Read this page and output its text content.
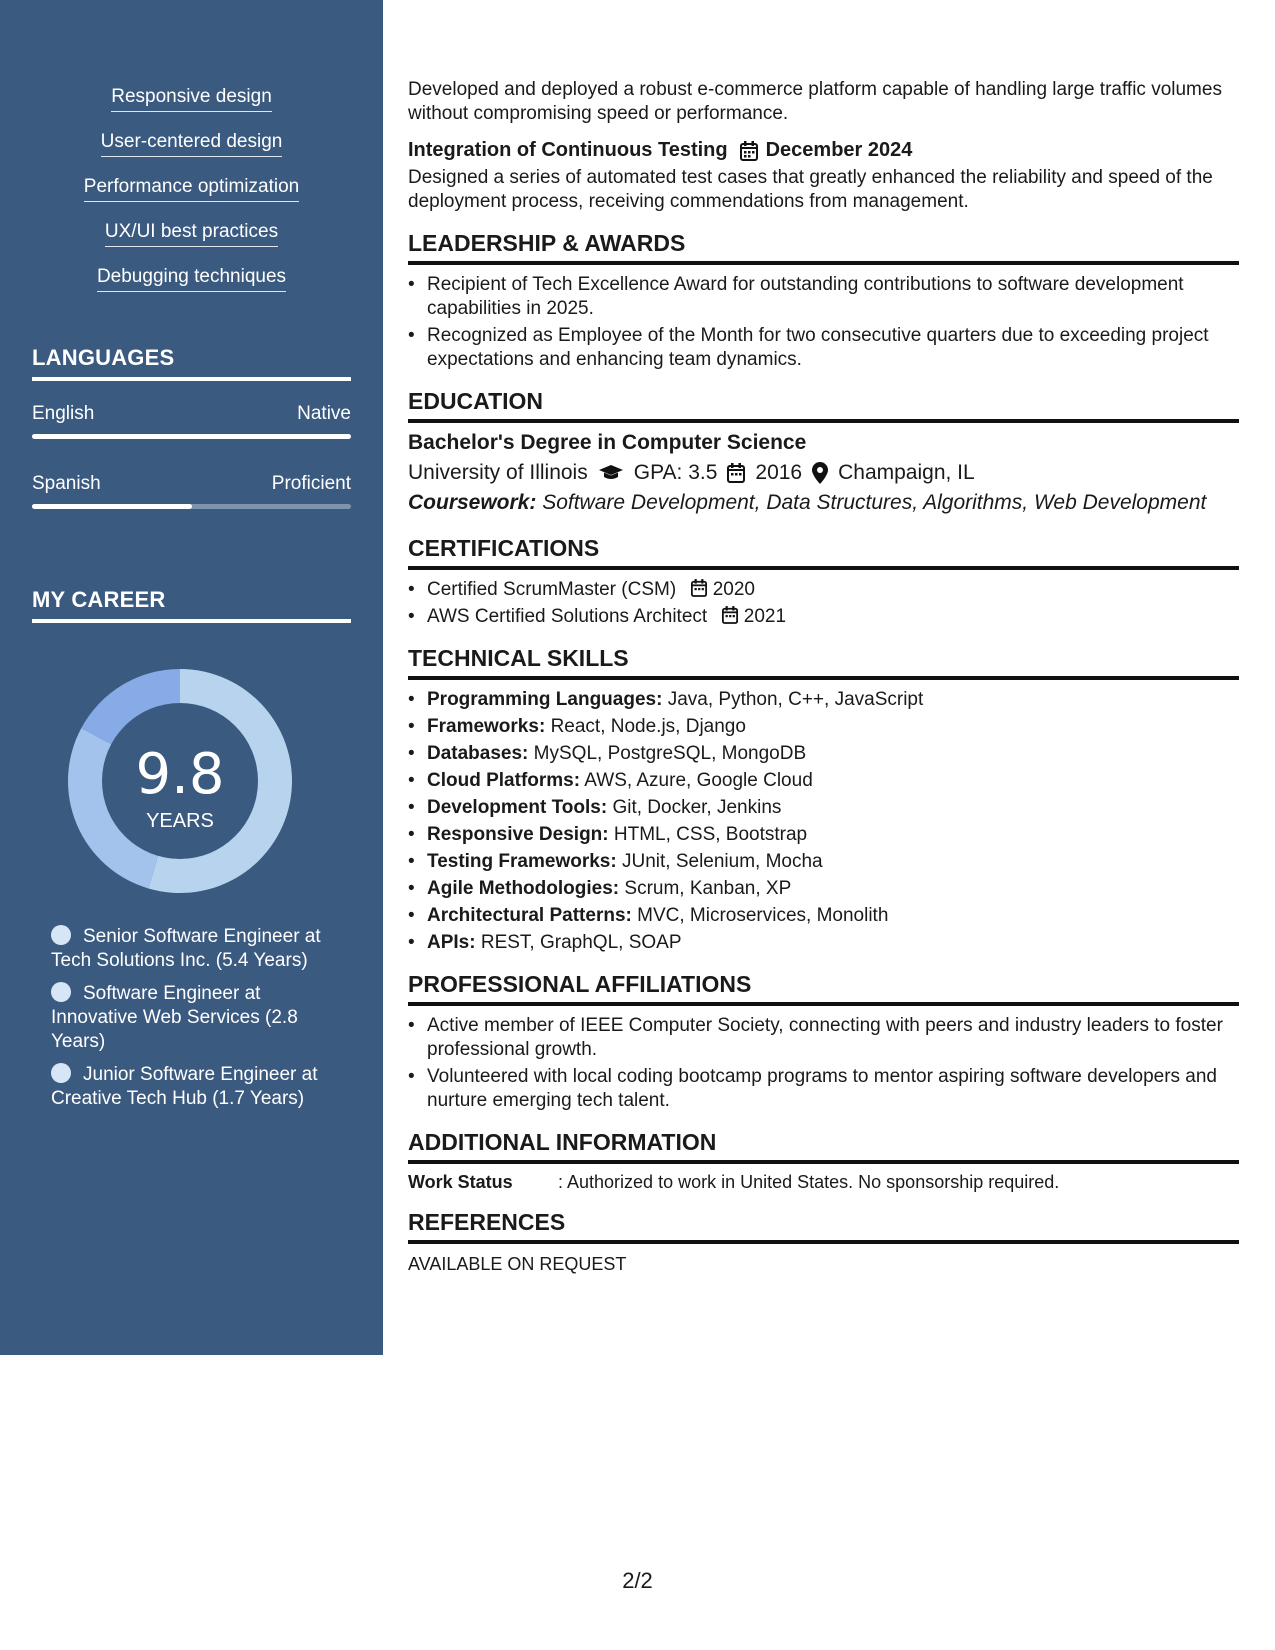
Responsive design
User-centered design
Performance optimization
UX/UI best practices
Debugging techniques
LANGUAGES
English	Native
Spanish	Proficient
MY CAREER
9.8
YEARS
Senior Software Engineer at Tech Solutions Inc. (5.4 Years)
Software Engineer at Innovative Web Services (2.8 Years)
Junior Software Engineer at Creative Tech Hub (1.7 Years)
Developed and deployed a robust e-commerce platform capable of handling large traffic volumes without compromising speed or performance.
Integration of Continuous Testing December 2024
Designed a series of automated test cases that greatly enhanced the reliability and speed of the deployment process, receiving commendations from management.
LEADERSHIP & AWARDS
• Recipient of Tech Excellence Award for outstanding contributions to software development capabilities in 2025.
• Recognized as Employee of the Month for two consecutive quarters due to exceeding project expectations and enhancing team dynamics.
EDUCATION
Bachelor's Degree in Computer Science
University of Illinois GPA: 3.5 2016 Champaign, IL
Coursework: Software Development, Data Structures, Algorithms, Web Development
CERTIFICATIONS
• Certified ScrumMaster (CSM) 2020
• AWS Certified Solutions Architect 2021
TECHNICAL SKILLS
• Programming Languages: Java, Python, C++, JavaScript
• Frameworks: React, Node.js, Django
• Databases: MySQL, PostgreSQL, MongoDB
• Cloud Platforms: AWS, Azure, Google Cloud
• Development Tools: Git, Docker, Jenkins
• Responsive Design: HTML, CSS, Bootstrap
• Testing Frameworks: JUnit, Selenium, Mocha
• Agile Methodologies: Scrum, Kanban, XP
• Architectural Patterns: MVC, Microservices, Monolith
• APIs: REST, GraphQL, SOAP
PROFESSIONAL AFFILIATIONS
• Active member of IEEE Computer Society, connecting with peers and industry leaders to foster professional growth.
• Volunteered with local coding bootcamp programs to mentor aspiring software developers and nurture emerging tech talent.
ADDITIONAL INFORMATION
Work Status	: Authorized to work in United States. No sponsorship required.
REFERENCES
AVAILABLE ON REQUEST
2/2
